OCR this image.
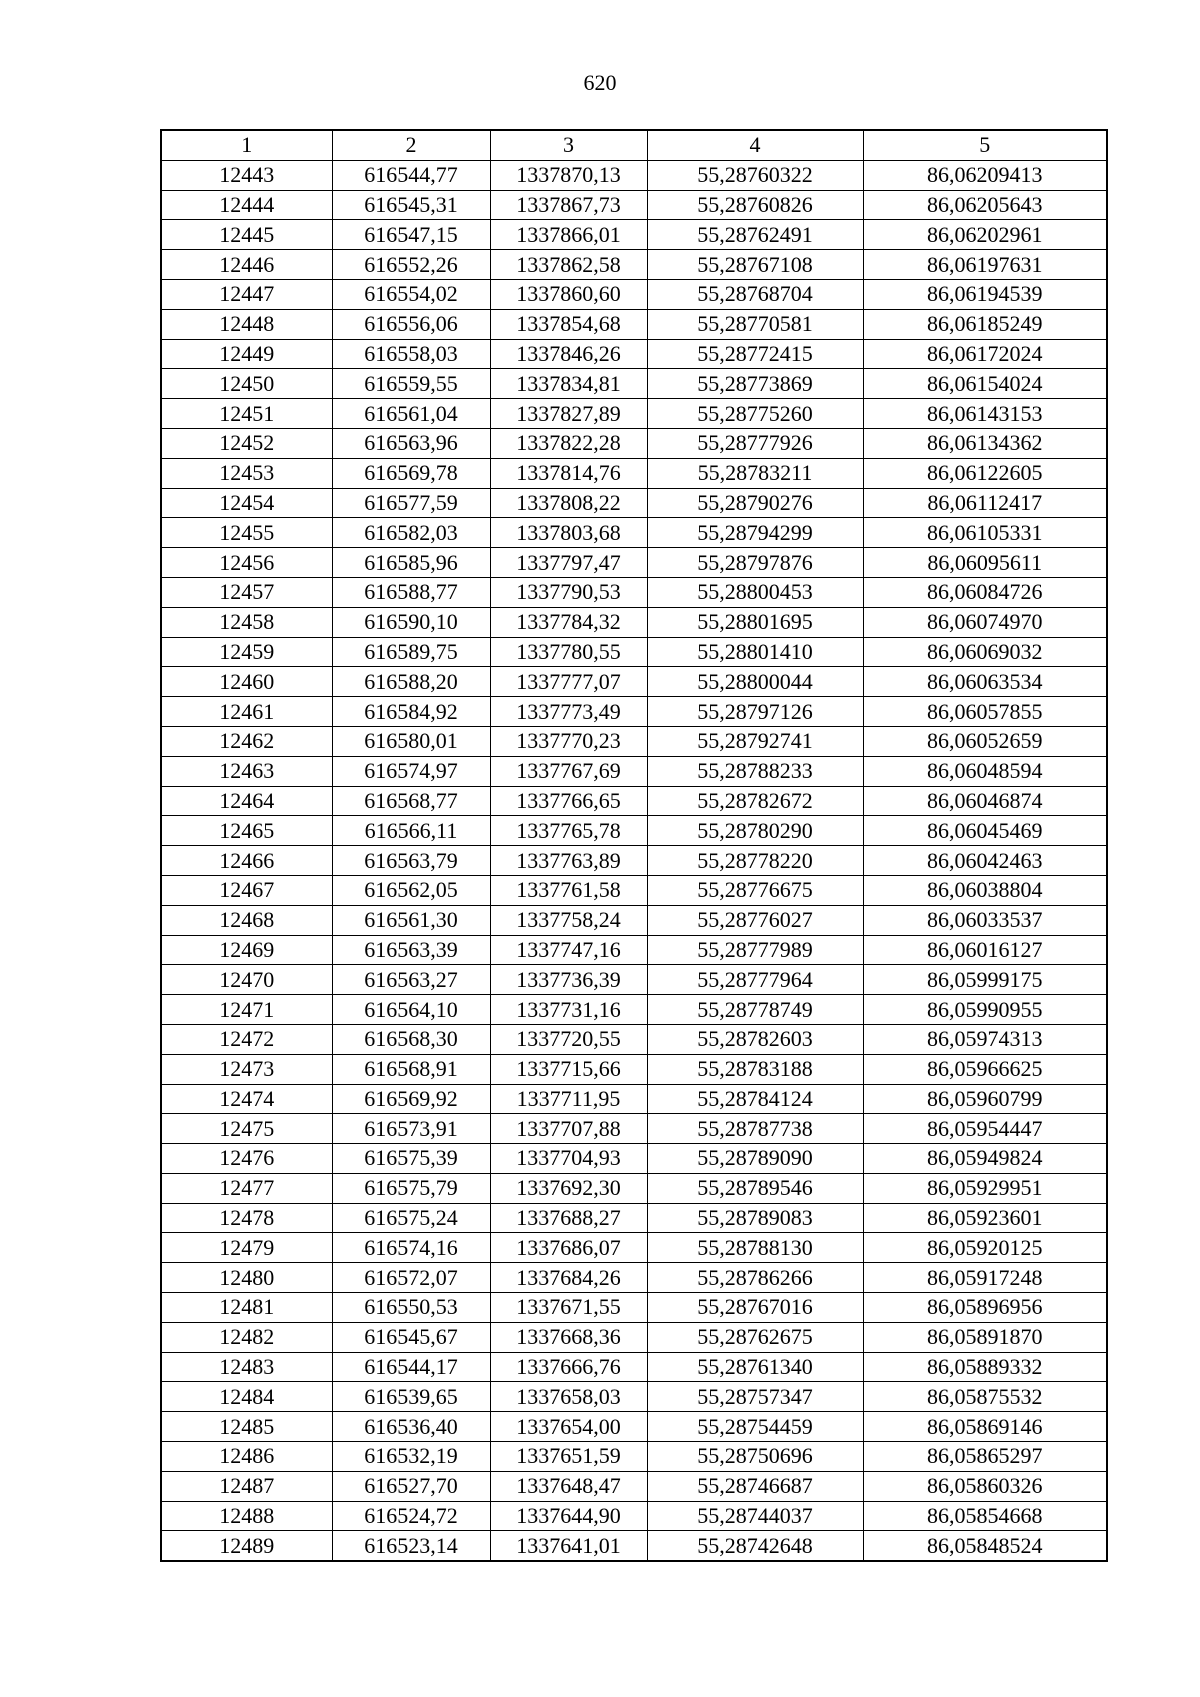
620
1	2	3	4	5
12443	616544,77	1337870,13	55,28760322	86,06209413
12444	616545,31	1337867,73	55,28760826	86,06205643
12445	616547,15	1337866,01	55,28762491	86,06202961
12446	616552,26	1337862,58	55,28767108	86,06197631
12447	616554,02	1337860,60	55,28768704	86,06194539
12448	616556,06	1337854,68	55,28770581	86,06185249
12449	616558,03	1337846,26	55,28772415	86,06172024
12450	616559,55	1337834,81	55,28773869	86,06154024
12451	616561,04	1337827,89	55,28775260	86,06143153
12452	616563,96	1337822,28	55,28777926	86,06134362
12453	616569,78	1337814,76	55,28783211	86,06122605
12454	616577,59	1337808,22	55,28790276	86,06112417
12455	616582,03	1337803,68	55,28794299	86,06105331
12456	616585,96	1337797,47	55,28797876	86,06095611
12457	616588,77	1337790,53	55,28800453	86,06084726
12458	616590,10	1337784,32	55,28801695	86,06074970
12459	616589,75	1337780,55	55,28801410	86,06069032
12460	616588,20	1337777,07	55,28800044	86,06063534
12461	616584,92	1337773,49	55,28797126	86,06057855
12462	616580,01	1337770,23	55,28792741	86,06052659
12463	616574,97	1337767,69	55,28788233	86,06048594
12464	616568,77	1337766,65	55,28782672	86,06046874
12465	616566,11	1337765,78	55,28780290	86,06045469
12466	616563,79	1337763,89	55,28778220	86,06042463
12467	616562,05	1337761,58	55,28776675	86,06038804
12468	616561,30	1337758,24	55,28776027	86,06033537
12469	616563,39	1337747,16	55,28777989	86,06016127
12470	616563,27	1337736,39	55,28777964	86,05999175
12471	616564,10	1337731,16	55,28778749	86,05990955
12472	616568,30	1337720,55	55,28782603	86,05974313
12473	616568,91	1337715,66	55,28783188	86,05966625
12474	616569,92	1337711,95	55,28784124	86,05960799
12475	616573,91	1337707,88	55,28787738	86,05954447
12476	616575,39	1337704,93	55,28789090	86,05949824
12477	616575,79	1337692,30	55,28789546	86,05929951
12478	616575,24	1337688,27	55,28789083	86,05923601
12479	616574,16	1337686,07	55,28788130	86,05920125
12480	616572,07	1337684,26	55,28786266	86,05917248
12481	616550,53	1337671,55	55,28767016	86,05896956
12482	616545,67	1337668,36	55,28762675	86,05891870
12483	616544,17	1337666,76	55,28761340	86,05889332
12484	616539,65	1337658,03	55,28757347	86,05875532
12485	616536,40	1337654,00	55,28754459	86,05869146
12486	616532,19	1337651,59	55,28750696	86,05865297
12487	616527,70	1337648,47	55,28746687	86,05860326
12488	616524,72	1337644,90	55,28744037	86,05854668
12489	616523,14	1337641,01	55,28742648	86,05848524
